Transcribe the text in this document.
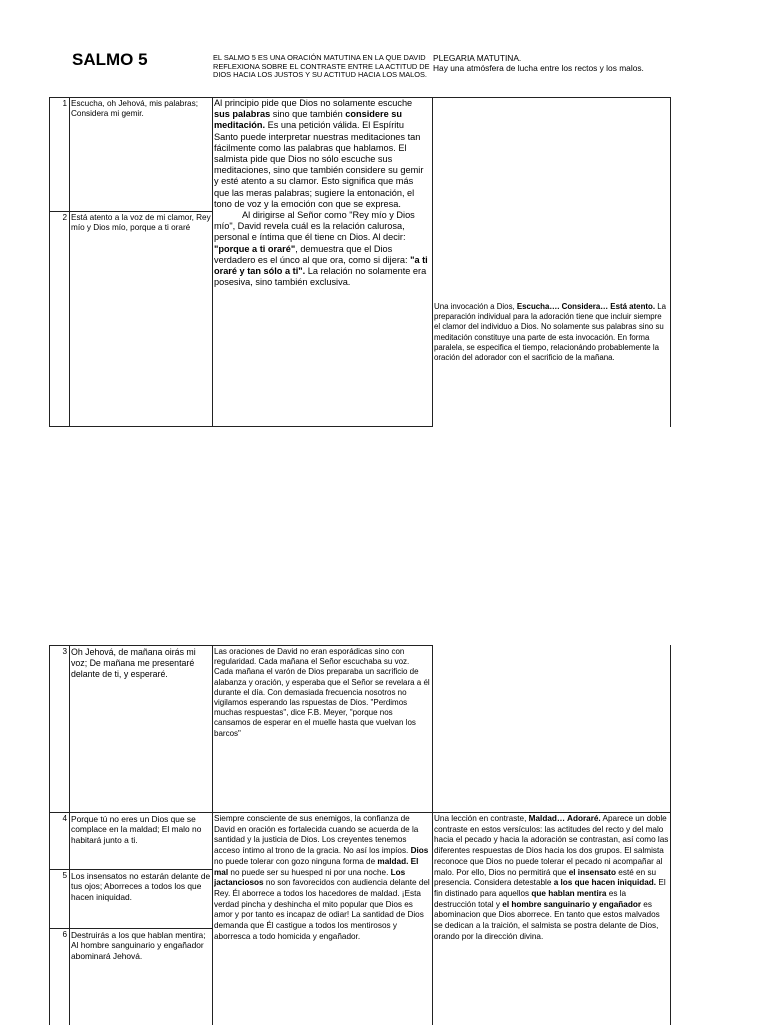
SALMO 5	EL SALMO 5 ES UNA ORACIÓN MATUTINA EN LA QUE DAVID REFLEXIONA SOBRE EL CONTRASTE ENTRE LA ACTITUD DE DIOS HACIA LOS JUSTOS Y SU ACTITUD HACIA LOS MALOS.
PLEGARIA MATUTINA.
Hay una atmósfera de lucha entre los rectos y los malos.
1 Escucha, oh Jehová, mis palabras; Considera mi gemir.
2 Está atento a la voz de mi clamor, Rey mío y Dios mío, porque a ti oraré
Al principio pide que Dios no solamente escuche sus palabras sino que también considere su meditación. Es una petición válida. El Espíritu Santo puede interpretar nuestras meditaciones tan fácilmente como las palabras que hablamos. El salmista pide que Dios no sólo escuche sus meditaciones, sino que también considere su gemir y esté atento a su clamor. Esto significa que más que las meras palabras; sugiere la entonación, el tono de voz y la emoción con que se expresa.
Al dirigirse al Señor como "Rey mío y Dios mío", David revela cuál es la relación calurosa, personal e íntima que él tiene cn Dios. Al decir: "porque a ti oraré", demuestra que el Dios verdadero es el únco al que ora, como si dijera: "a ti oraré y tan sólo a ti". La relación no solamente era posesiva, sino también exclusiva.
Una invocación a Dios, Escucha…. Considera… Está atento. La preparación individual para la adoración tiene que incluir siempre el clamor del individuo a Dios. No solamente sus palabras sino su meditación constituye una parte de esta invocación. En forma paralela, se especifica el tiempo, relacionándo probablemente la oración del adorador con el sacrificio de la mañana.
3 Oh Jehová, de mañana oirás mi voz; De mañana me presentaré delante de ti, y esperaré.
Las oraciones de David no eran esporádicas sino con regularidad. Cada mañana el Señor escuchaba su voz. Cada mañana el varón de Dios preparaba un sacrificio de alabanza y oración, y esperaba que el Señor se revelara a él durante el día. Con demasiada frecuencia nosotros no vigilamos esperando las rspuestas de Dios. "Perdimos muchas respuestas", dice F.B. Meyer, "porque nos cansamos de esperar en el muelle hasta que vuelvan los barcos"
4 Porque tú no eres un Dios que se complace en la maldad; El malo no habitará junto a ti.
5 Los insensatos no estarán delante de tus ojos; Aborreces a todos los que hacen iniquidad.
6 Destruirás a los que hablan mentira; Al hombre sanguinario y engañador abominará Jehová.
Siempre consciente de sus enemigos, la confianza de David en oración es fortalecida cuando se acuerda de la santidad y la justicia de Dios. Los creyentes tenemos acceso íntimo al trono de la gracia. No así los impíos. Dios no puede tolerar con gozo ninguna forma de maldad. El mal no puede ser su huesped ni por una noche. Los jactanciosos no son favorecidos con audiencia delante del Rey. Él aborrece a todos los hacedores de maldad. ¡Esta verdad pincha y deshincha el mito popular que Dios es amor y por tanto es incapaz de odiar! La santidad de Dios demanda que Él castigue a todos los mentirosos y aborresca a todo homicida y engañador.
Una lección en contraste, Maldad… Adoraré. Aparece un doble contraste en estos versículos: las actitudes del recto y del malo hacia el pecado y hacia la adoración se contrastan, así como las diferentes respuestas de Dios hacia los dos grupos. El salmista reconoce que Dios no puede tolerar el pecado ni acompañar al malo. Por ello, Dios no permitirá que el insensato esté en su presencia. Considera detestable a los que hacen iniquidad. El fin distinado para aquellos que hablan mentira es la destrucción total y el hombre sanguinario y engañador es abominacion que Dios aborrece. En tanto que estos malvados se dedican a la traición, el salmista se postra delante de Dios, orando por la dirección divina.
